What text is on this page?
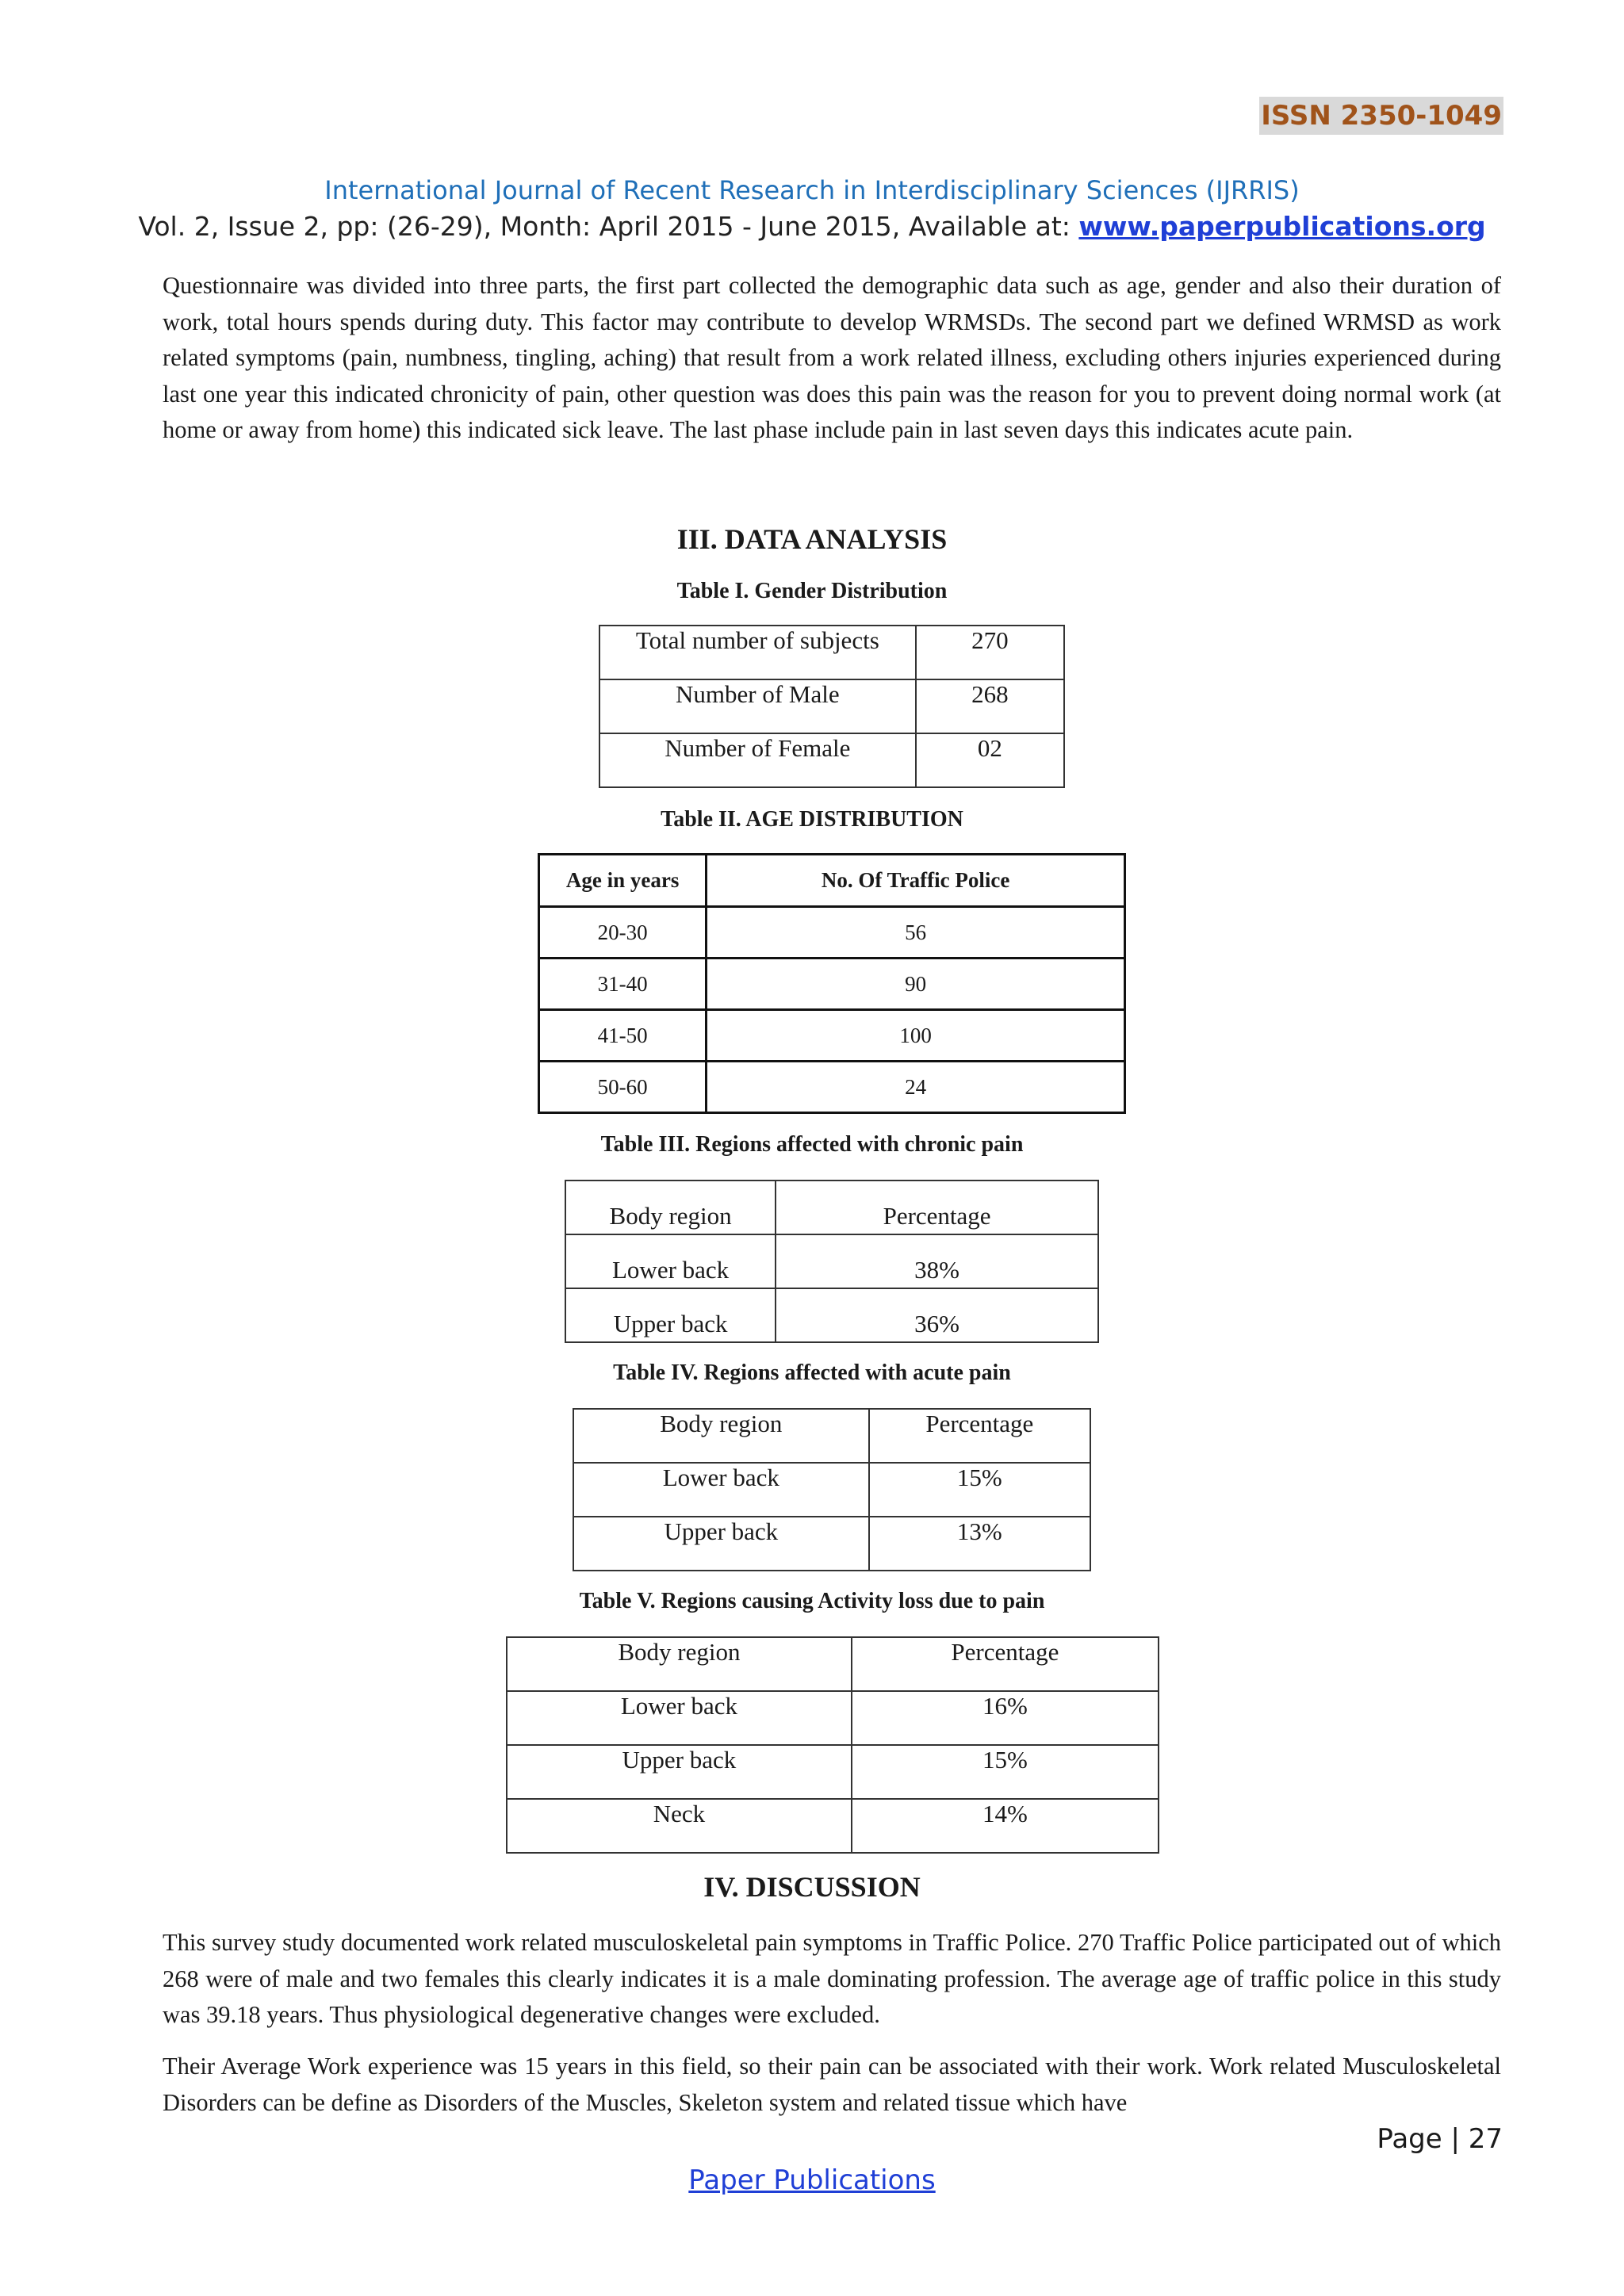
ISSN 2350-1049
International Journal of Recent Research in Interdisciplinary Sciences (IJRRIS)
Vol. 2, Issue 2, pp: (26-29), Month: April 2015 - June 2015, Available at: www.paperpublications.org

Questionnaire was divided into three parts, the first part collected the demographic data such as age, gender and also their duration of work, total hours spends during duty. This factor may contribute to develop WRMSDs. The second part we defined WRMSD as work related symptoms (pain, numbness, tingling, aching) that result from a work related illness, excluding others injuries experienced during last one year this indicated chronicity of pain, other question was does this pain was the reason for you to prevent doing normal work (at home or away from home) this indicated sick leave. The last phase include pain in last seven days this indicates acute pain.

III. DATA ANALYSIS
Table I. Gender Distribution
Total number of subjects	270
Number of Male	268
Number of Female	02
Table II. AGE DISTRIBUTION
Age in years	No. Of Traffic Police
20-30	56
31-40	90
41-50	100
50-60	24
Table III. Regions affected with chronic pain
Body region	Percentage
Lower back	38%
Upper back	36%
Table IV. Regions affected with acute pain
Body region	Percentage
Lower back	15%
Upper back	13%
Table V. Regions causing Activity loss due to pain
Body region	Percentage
Lower back	16%
Upper back	15%
Neck	14%
IV. DISCUSSION

This survey study documented work related musculoskeletal pain symptoms in Traffic Police. 270 Traffic Police participated out of which 268 were of male and two females this clearly indicates it is a male dominating profession. The average age of traffic police in this study was 39.18 years. Thus physiological degenerative changes were excluded.

Their Average Work experience was 15 years in this field, so their pain can be associated with their work. Work related Musculoskeletal Disorders can be define as Disorders of the Muscles, Skeleton system and related tissue which have

Page | 27
Paper Publications
